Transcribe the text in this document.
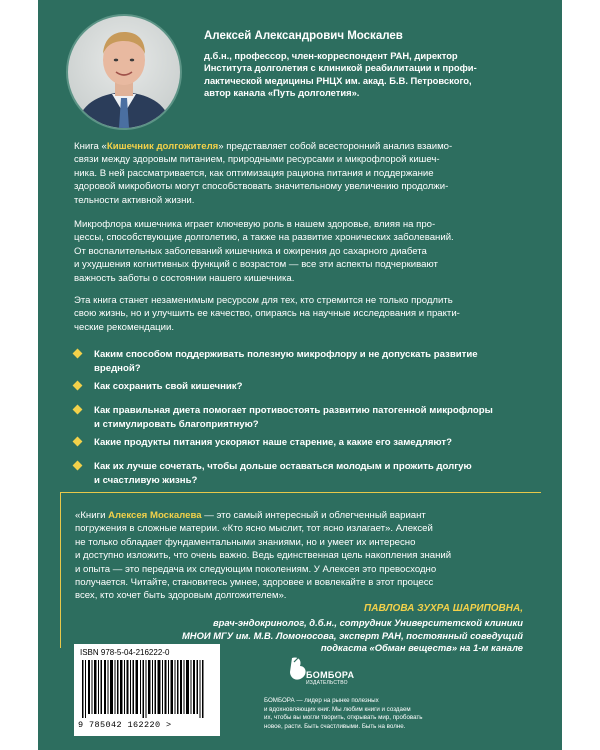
Алексей Александрович Москалев
д.б.н., профессор, член-корреспондент РАН, директор
Института долголетия с клиникой реабилитации и профи-
лактической медицины РНЦХ им. акад. Б.В. Петровского,
автор канала «Путь долголетия».
Книга «Кишечник долгожителя» представляет собой всесторонний анализ взаимо-
связи между здоровым питанием, природными ресурсами и микрофлорой кишеч-
ника. В ней рассматривается, как оптимизация рациона питания и поддержание
здоровой микробиоты могут способствовать значительному увеличению продолжи-
тельности активной жизни.
Микрофлора кишечника играет ключевую роль в нашем здоровье, влияя на про-
цессы, способствующие долголетию, а также на развитие хронических заболеваний.
От воспалительных заболеваний кишечника и ожирения до сахарного диабета
и ухудшения когнитивных функций с возрастом — все эти аспекты подчеркивают
важность заботы о состоянии нашего кишечника.
Эта книга станет незаменимым ресурсом для тех, кто стремится не только продлить
свою жизнь, но и улучшить ее качество, опираясь на научные исследования и практи-
ческие рекомендации.
Каким способом поддерживать полезную микрофлору и не допускать развитие
вредной?
Как сохранить свой кишечник?
Как правильная диета помогает противостоять развитию патогенной микрофлоры
и стимулировать благоприятную?
Какие продукты питания ускоряют наше старение, а какие его замедляют?
Как их лучше сочетать, чтобы дольше оставаться молодым и прожить долгую
и счастливую жизнь?
«Книги Алексея Москалева — это самый интересный и облегченный вариант
погружения в сложные материи. «Кто ясно мыслит, тот ясно излагает». Алексей
не только обладает фундаментальными знаниями, но и умеет их интересно
и доступно изложить, что очень важно. Ведь единственная цель накопления знаний
и опыта — это передача их следующим поколениям. У Алексея это превосходно
получается. Читайте, становитесь умнее, здоровее и вовлекайте в этот процесс
всех, кто хочет быть здоровым долгожителем».
ПАВЛОВА ЗУХРА ШАРИПОВНА,
врач-эндокринолог, д.б.н., сотрудник Университетской клиники
МНОИ МГУ им. М.В. Ломоносова, эксперт РАН, постоянный соведущий
подкаста «Обман веществ» на 1-м канале
ISBN 978-5-04-216222-0
9 785042 162220 >
БОМБОРА
ИЗДАТЕЛЬСТВО
БОМБОРА — лидер на рынке полезных
и вдохновляющих книг. Мы любим книги и создаем
их, чтобы вы могли творить, открывать мир, пробовать
новое, расти. Быть счастливыми. Быть на волне.
